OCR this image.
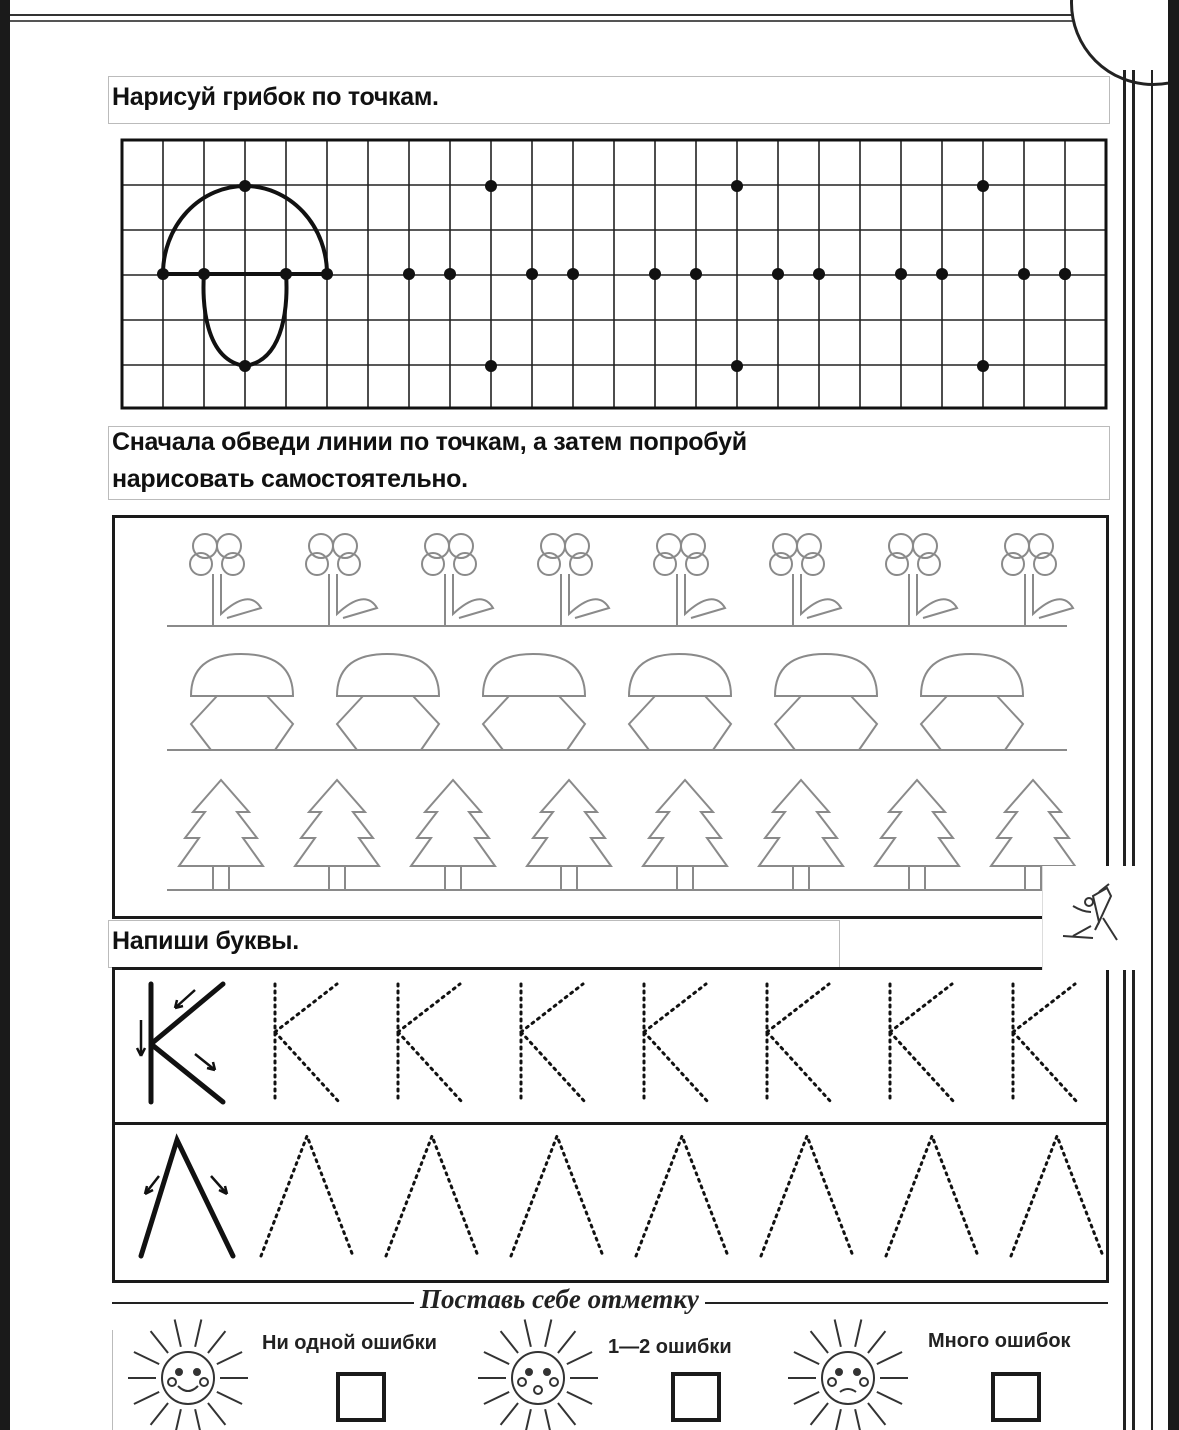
Нарисуй грибок по точкам.
Сначала обведи линии по точкам, а затем попробуй
нарисовать самостоятельно.
Напиши буквы.
Поставь себе отметку
Ни одной ошибки	1—2 ошибки	Много ошибок
